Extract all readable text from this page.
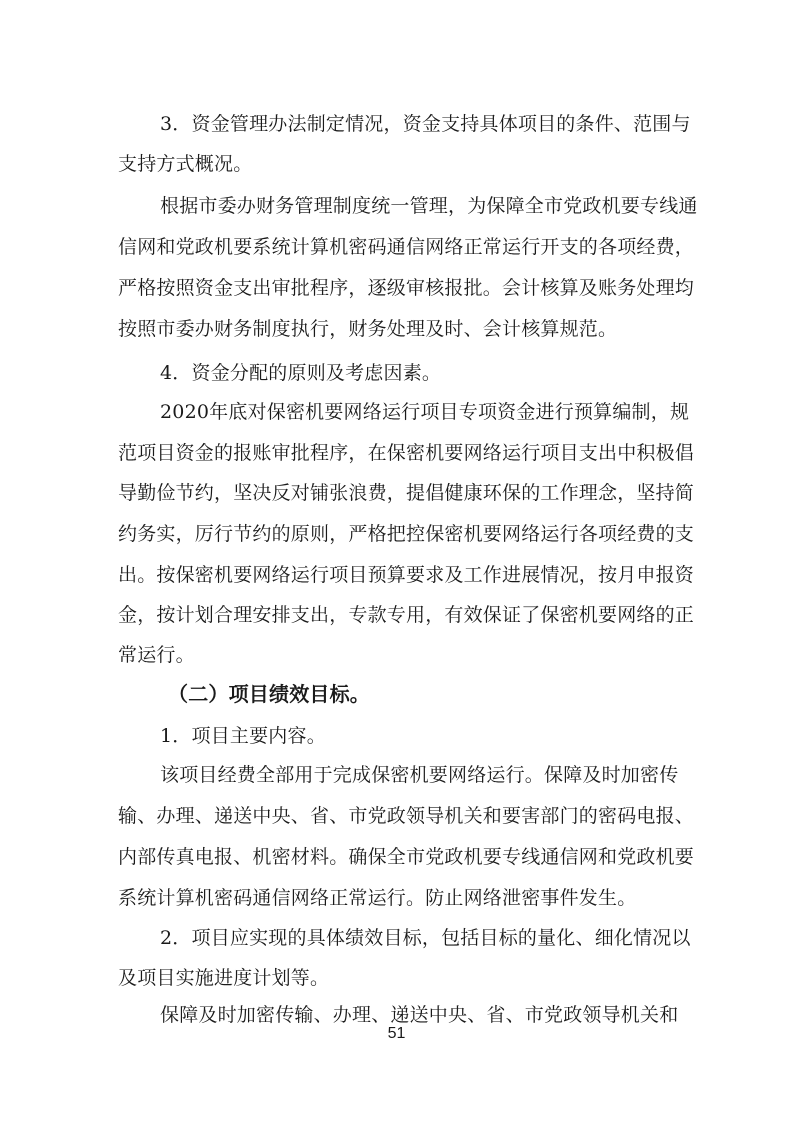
3．资金管理办法制定情况，资金支持具体项目的条件、范围与
支持方式概况。
根据市委办财务管理制度统一管理，为保障全市党政机要专线通
信网和党政机要系统计算机密码通信网络正常运行开支的各项经费，
严格按照资金支出审批程序，逐级审核报批。会计核算及账务处理均
按照市委办财务制度执行，财务处理及时、会计核算规范。
4．资金分配的原则及考虑因素。
2020年底对保密机要网络运行项目专项资金进行预算编制，规
范项目资金的报账审批程序，在保密机要网络运行项目支出中积极倡
导勤俭节约，坚决反对铺张浪费，提倡健康环保的工作理念，坚持简
约务实，厉行节约的原则，严格把控保密机要网络运行各项经费的支
出。按保密机要网络运行项目预算要求及工作进展情况，按月申报资
金，按计划合理安排支出，专款专用，有效保证了保密机要网络的正
常运行。
（二）项目绩效目标。
1．项目主要内容。
该项目经费全部用于完成保密机要网络运行。保障及时加密传
输、办理、递送中央、省、市党政领导机关和要害部门的密码电报、
内部传真电报、机密材料。确保全市党政机要专线通信网和党政机要
系统计算机密码通信网络正常运行。防止网络泄密事件发生。
2．项目应实现的具体绩效目标，包括目标的量化、细化情况以
及项目实施进度计划等。
保障及时加密传输、办理、递送中央、省、市党政领导机关和
51
